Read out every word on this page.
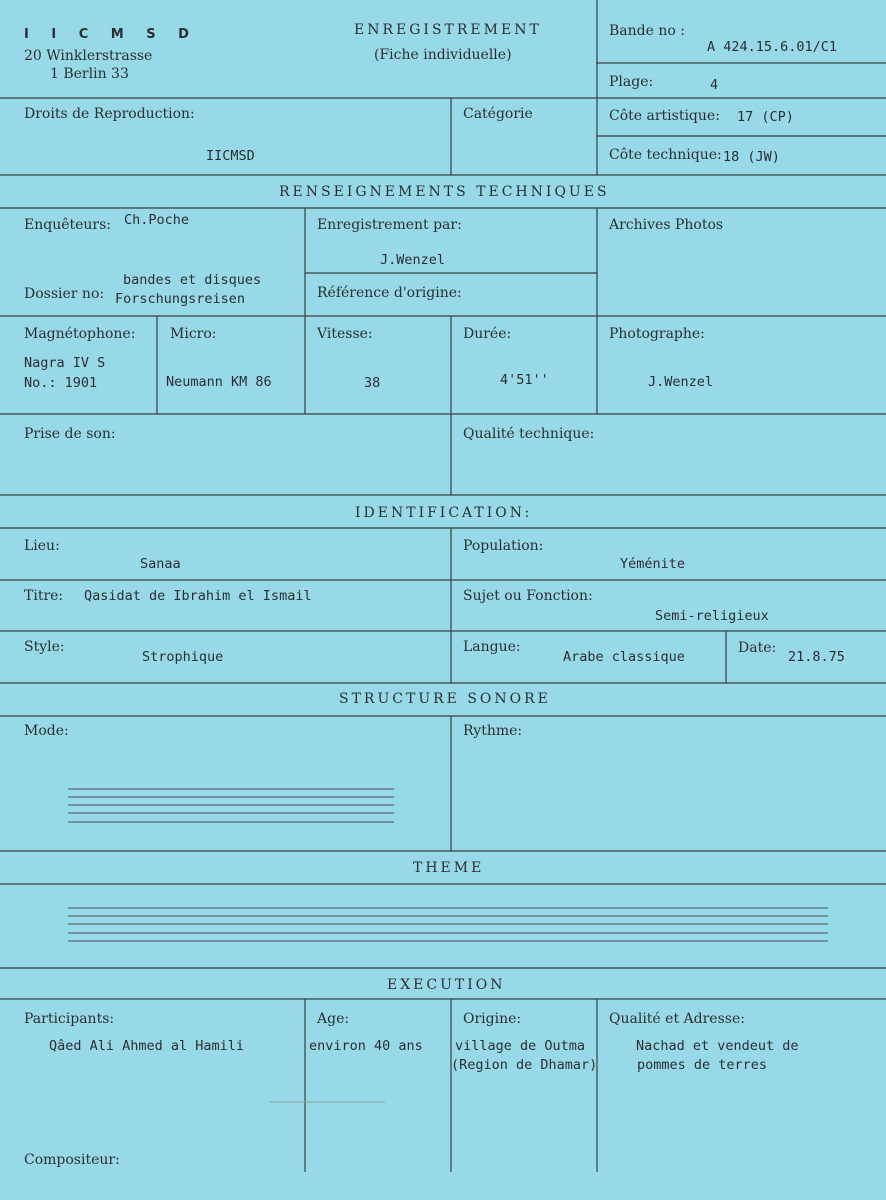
I I C M S D
20 Winklerstrasse
1 Berlin 33
ENREGISTREMENT
(Fiche individuelle)
Bande no :
A 424.15.6.01/C1
Plage:	4
Droits de Reproduction:
IICMSD
Catégorie	Côte artistique: 17 (CP)
Côte technique: 18 (JW)
RENSEIGNEMENTS TECHNIQUES
Enquêteurs: Ch.Poche	Enregistrement par:
J.Wenzel
Archives Photos
Dossier no:
bandes et disques
Forschungsreisen	Référence d'origine:
Magnétophone:
Nagra IV S
No.: 1901
Micro:
Neumann KM 86
Vitesse:
38
Durée:
4'51''
Photographe:
J.Wenzel
Prise de son:	Qualité technique:
IDENTIFICATION:
Lieu:
Sanaa
Population:
Yéménite
Titre: Qasidat de Ibrahim el Ismail	Sujet ou Fonction:
Semi-religieux
Style:
Strophique
Langue:
Arabe classique
Date:
21.8.75
STRUCTURE SONORE
Mode:	Rythme:
THEME
EXECUTION
Participants:
Qâed Ali Ahmed al Hamili
Age:
environ 40 ans
Origine:
village de Outma
(Region de Dhamar)
Qualité et Adresse:
Nachad et vendeut de
pommes de terres
Compositeur:
